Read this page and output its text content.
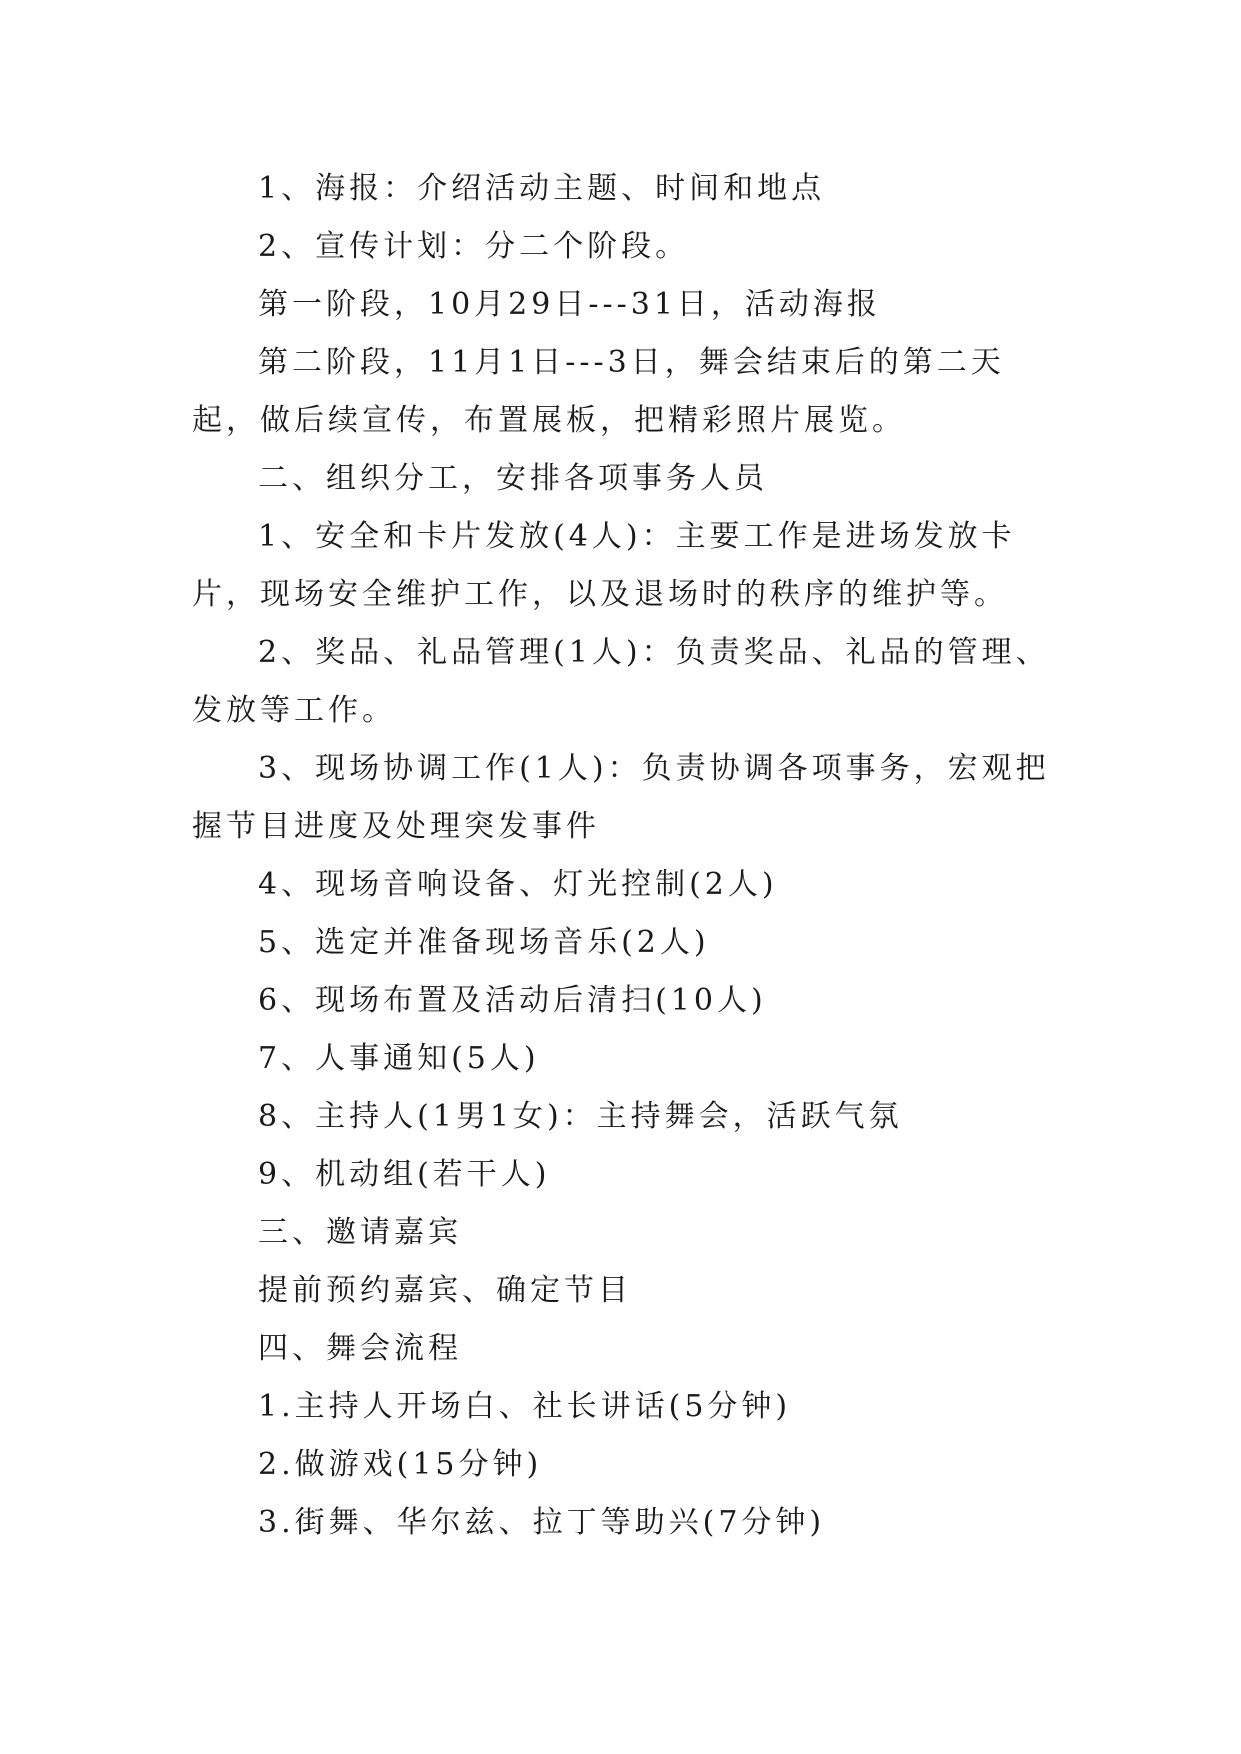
1、海报：介绍活动主题、时间和地点

2、宣传计划：分二个阶段。

第一阶段，10月29日---31日，活动海报

第二阶段，11月1日---3日，舞会结束后的第二天起，做后续宣传，布置展板，把精彩照片展览。

二、组织分工，安排各项事务人员

1、安全和卡片发放(4人)：主要工作是进场发放卡片，现场安全维护工作，以及退场时的秩序的维护等。

2、奖品、礼品管理(1人)：负责奖品、礼品的管理、发放等工作。

3、现场协调工作(1人)：负责协调各项事务，宏观把握节目进度及处理突发事件

4、现场音响设备、灯光控制(2人)

5、选定并准备现场音乐(2人)

6、现场布置及活动后清扫(10人)

7、人事通知(5人)

8、主持人(1男1女)：主持舞会，活跃气氛

9、机动组(若干人)

三、邀请嘉宾

提前预约嘉宾、确定节目

四、舞会流程

1.主持人开场白、社长讲话(5分钟)

2.做游戏(15分钟)

3.街舞、华尔兹、拉丁等助兴(7分钟)
